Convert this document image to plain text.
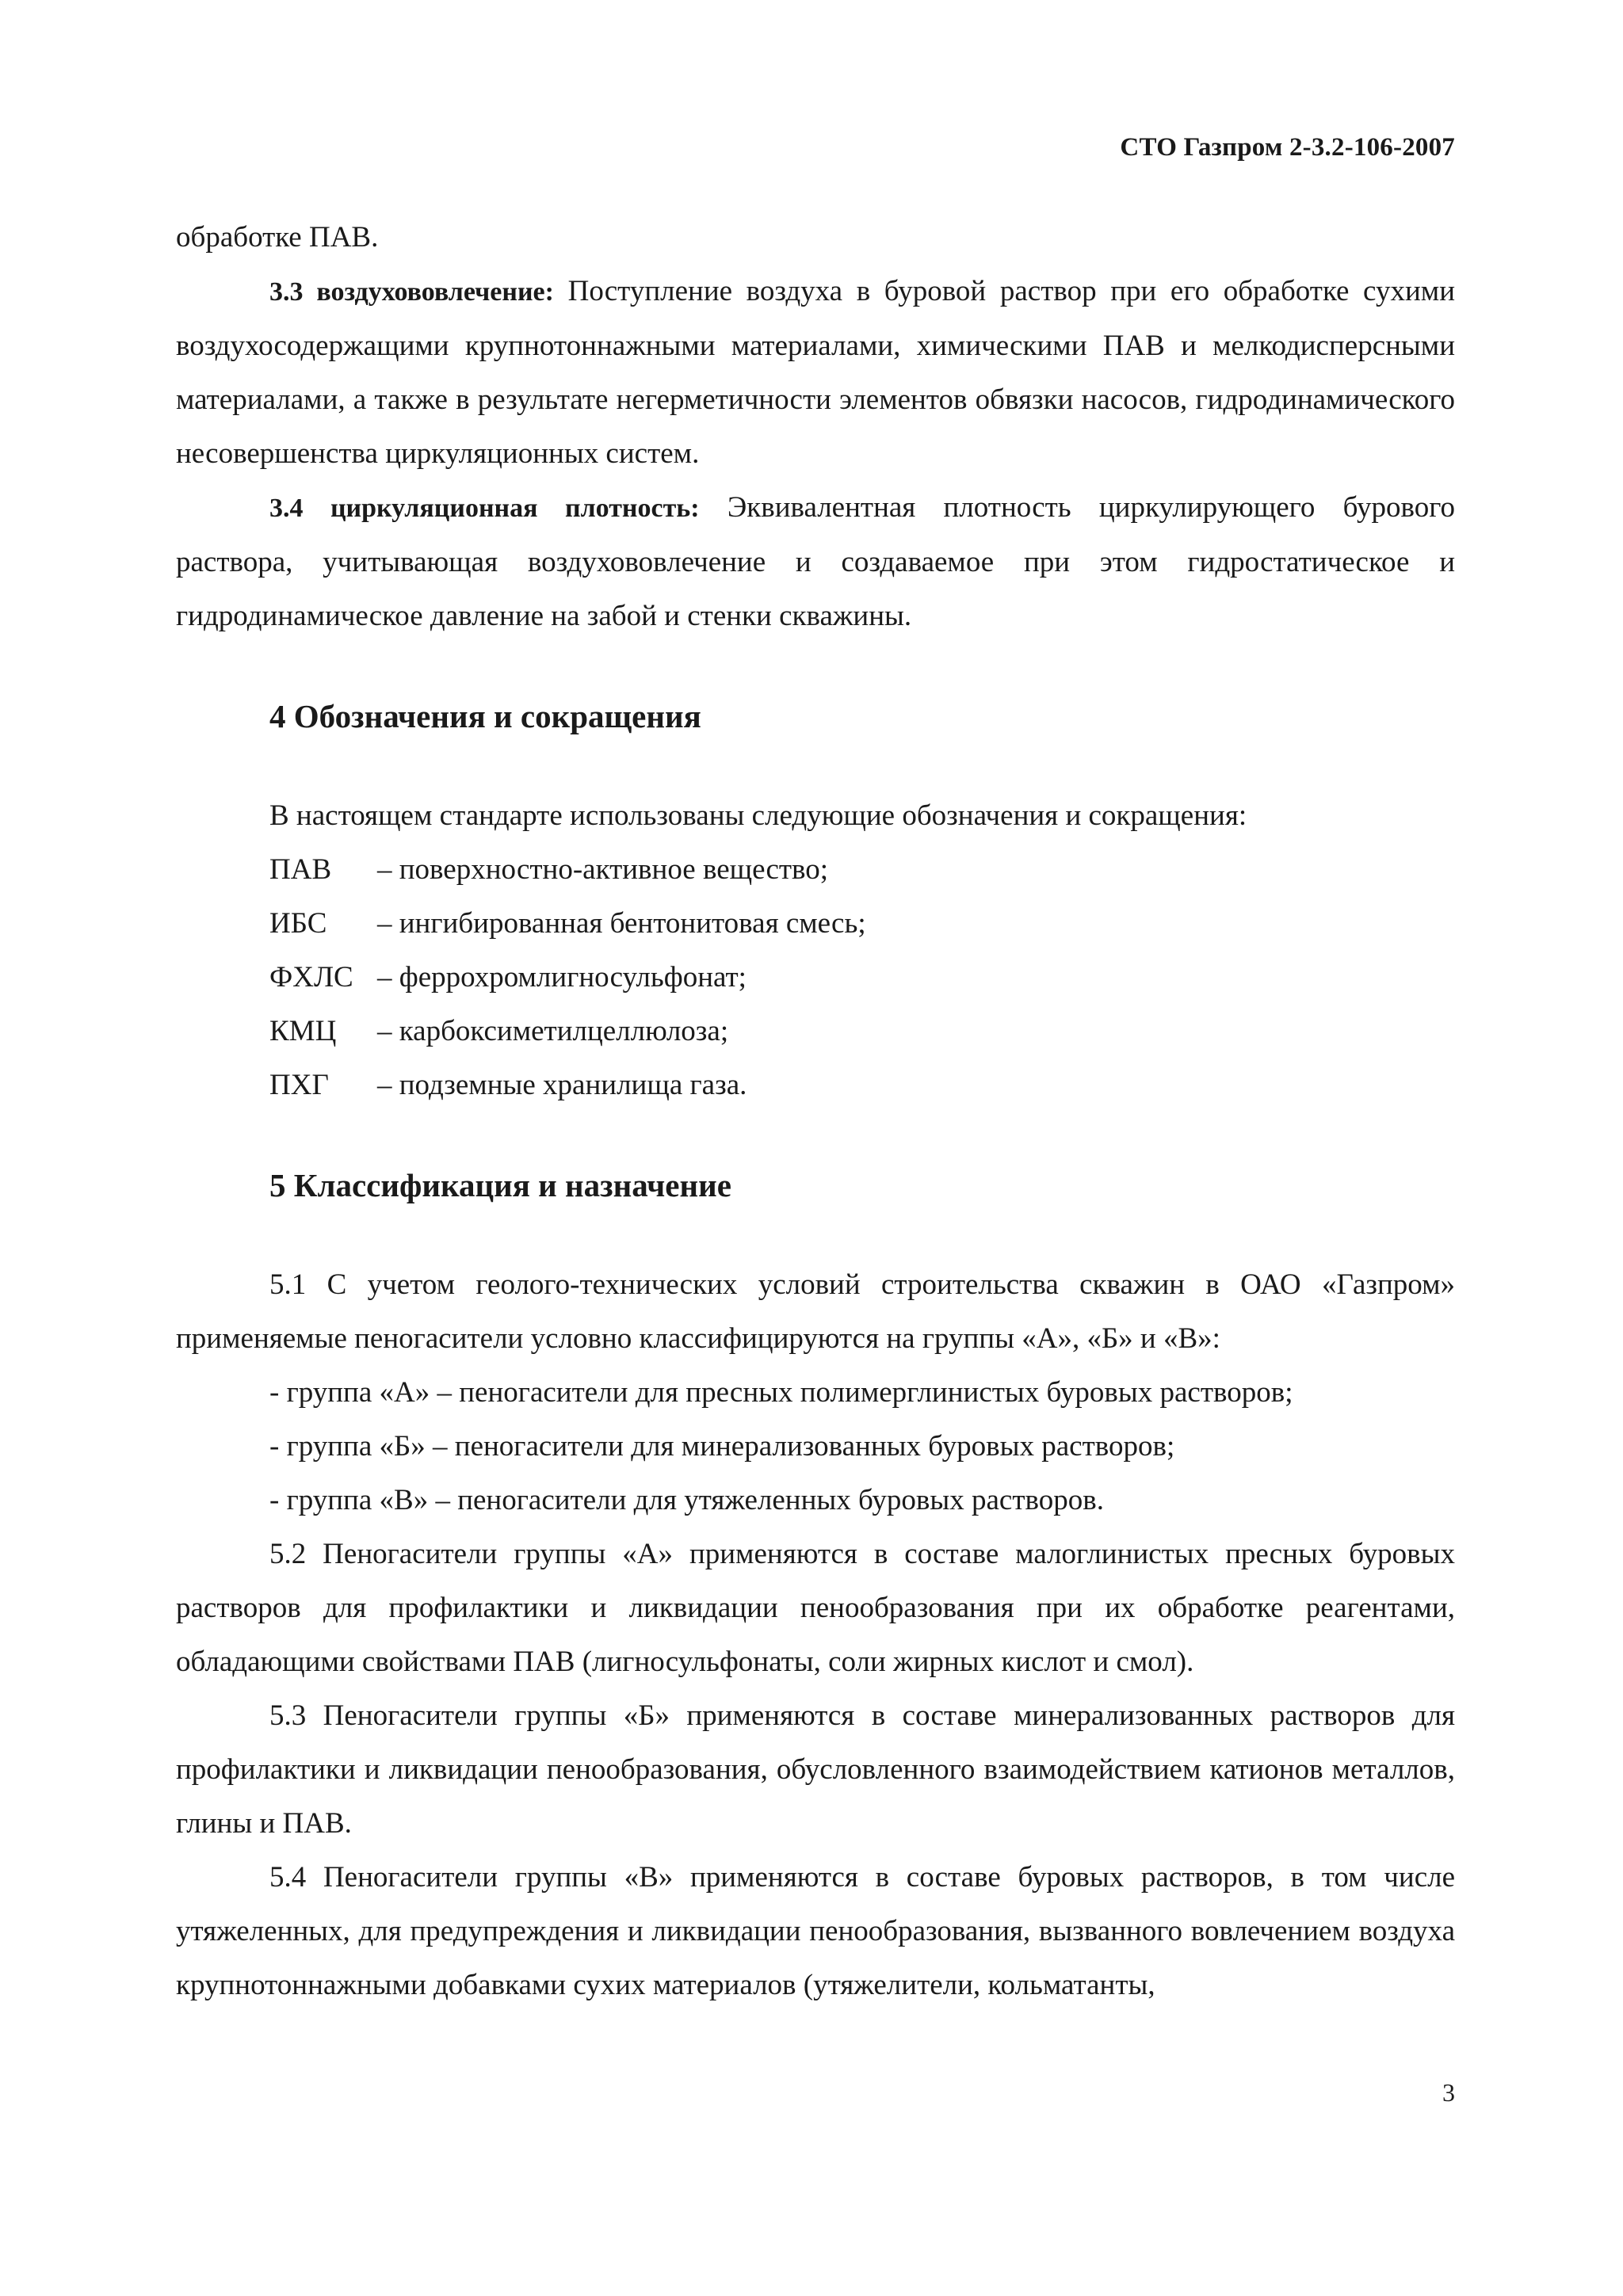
СТО Газпром 2-3.2-106-2007

обработке ПАВ.

3.3 воздухововлечение: Поступление воздуха в буровой раствор при его обработке сухими воздухосодержащими крупнотоннажными материалами, химическими ПАВ и мелкодисперсными материалами, а также в результате негерметичности элементов обвязки насосов, гидродинамического несовершенства циркуляционных систем.

3.4 циркуляционная плотность: Эквивалентная плотность циркулирующего бурового раствора, учитывающая воздухововлечение и создаваемое при этом гидростатическое и гидродинамическое давление на забой и стенки скважины.

4 Обозначения и сокращения

В настоящем стандарте использованы следующие обозначения и сокращения:

ПАВ	– поверхностно-активное вещество;
ИБС	– ингибированная бентонитовая смесь;
ФХЛС – феррохромлигносульфонат;
КМЦ	– карбоксиметилцеллюлоза;
ПХГ	– подземные хранилища газа.
5 Классификация и назначение

5.1 С учетом геолого-технических условий строительства скважин в ОАО «Газпром» применяемые пеногасители условно классифицируются на группы «А», «Б» и «В»:

- группа «А» – пеногасители для пресных полимерглинистых буровых растворов;

- группа «Б» – пеногасители для минерализованных буровых растворов;

- группа «В» – пеногасители для утяжеленных буровых растворов.

5.2 Пеногасители группы «А» применяются в составе малоглинистых пресных буровых растворов для профилактики и ликвидации пенообразования при их обработке реагентами, обладающими свойствами ПАВ (лигносульфонаты, соли жирных кислот и смол).

5.3 Пеногасители группы «Б» применяются в составе минерализованных растворов для профилактики и ликвидации пенообразования, обусловленного взаимодействием катионов металлов, глины и ПАВ.

5.4 Пеногасители группы «В» применяются в составе буровых растворов, в том числе утяжеленных, для предупреждения и ликвидации пенообразования, вызванного вовлечением воздуха крупнотоннажными добавками сухих материалов (утяжелители, кольматанты,

3
